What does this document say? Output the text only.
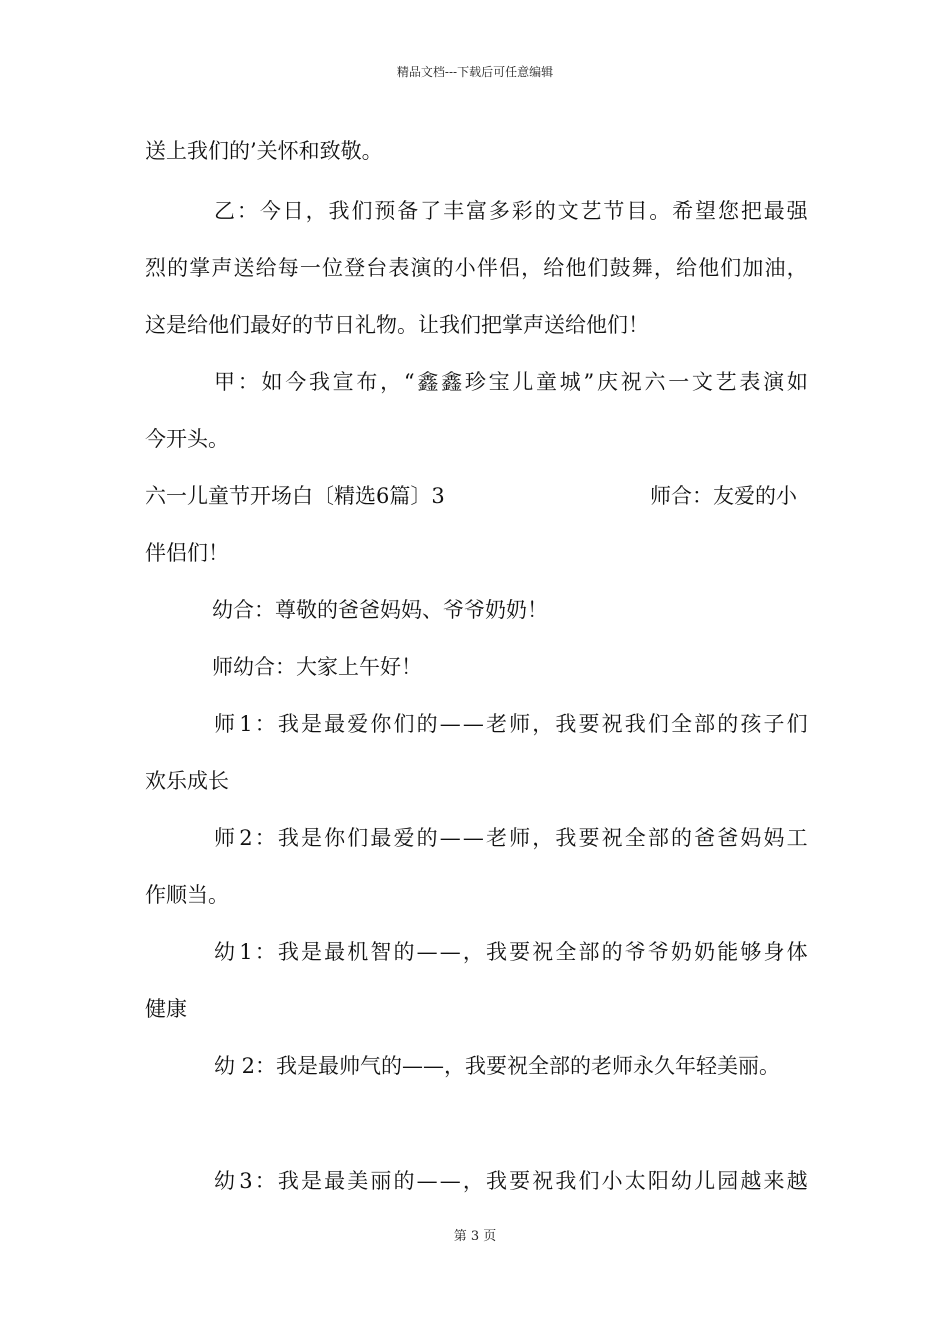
精品文档---下载后可任意编辑
送上我们的’关怀和致敬。
乙 ： 今 日 ， 我 们 预 备 了 丰 富 多 彩 的 文 艺 节 目 。 希 望 您 把 最 强
烈 的 掌 声 送 给 每 一 位 登 台 表 演 的 小 伴 侣 ， 给 他 们 鼓 舞 ， 给 他 们 加 油 ，
这是给他们最好的节日礼物。让我们把掌声送给他们！
甲 ： 如 今 我 宣 布 ， “ 鑫 鑫 珍 宝 儿 童 城 ” 庆 祝 六 一 文 艺 表 演 如
今开头。
六一儿童节开场白〔精选6篇〕3	师合：友爱的小
伴侣们！
幼合：尊敬的爸爸妈妈、爷爷奶奶！
师幼合：大家上午好！
师 1 ： 我 是 最 爱 你 们 的 — — 老 师 ， 我 要 祝 我 们 全 部 的 孩 子 们
欢乐成长
师 2 ： 我 是 你 们 最 爱 的 — — 老 师 ， 我 要 祝 全 部 的 爸 爸 妈 妈 工
作顺当。
幼 1 ： 我 是 最 机 智 的 — — ， 我 要 祝 全 部 的 爷 爷 奶 奶 能 够 身 体
健康
幼 2：我是最帅气的——，我要祝全部的老师永久年轻美丽。
幼 3 ： 我 是 最 美 丽 的 — — ， 我 要 祝 我 们 小 太 阳 幼 儿 园 越 来 越
第 3 页
